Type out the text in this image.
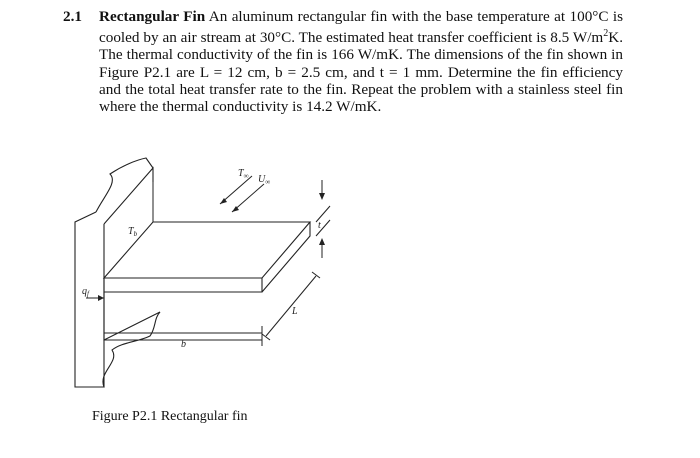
2.1 Rectangular Fin An aluminum rectangular fin with the base temperature at 100°C is cooled by an air stream at 30°C. The estimated heat transfer coefficient is 8.5 $W/m^2K$. The thermal conductivity of the fin is 166 W/mK. The dimensions of the fin shown in Figure P2.1 are L = 12 cm, b = 2.5 cm, and t = 1 mm. Determine the fin efficiency and the total heat transfer rate to the fin. Repeat the problem with a stainless steel fin where the thermal conductivity is 14.2 W/mK.
$T_\infty$ $U_\infty$
$T_b$
$q_f$
b
L
t
Figure P2.1 Rectangular fin
